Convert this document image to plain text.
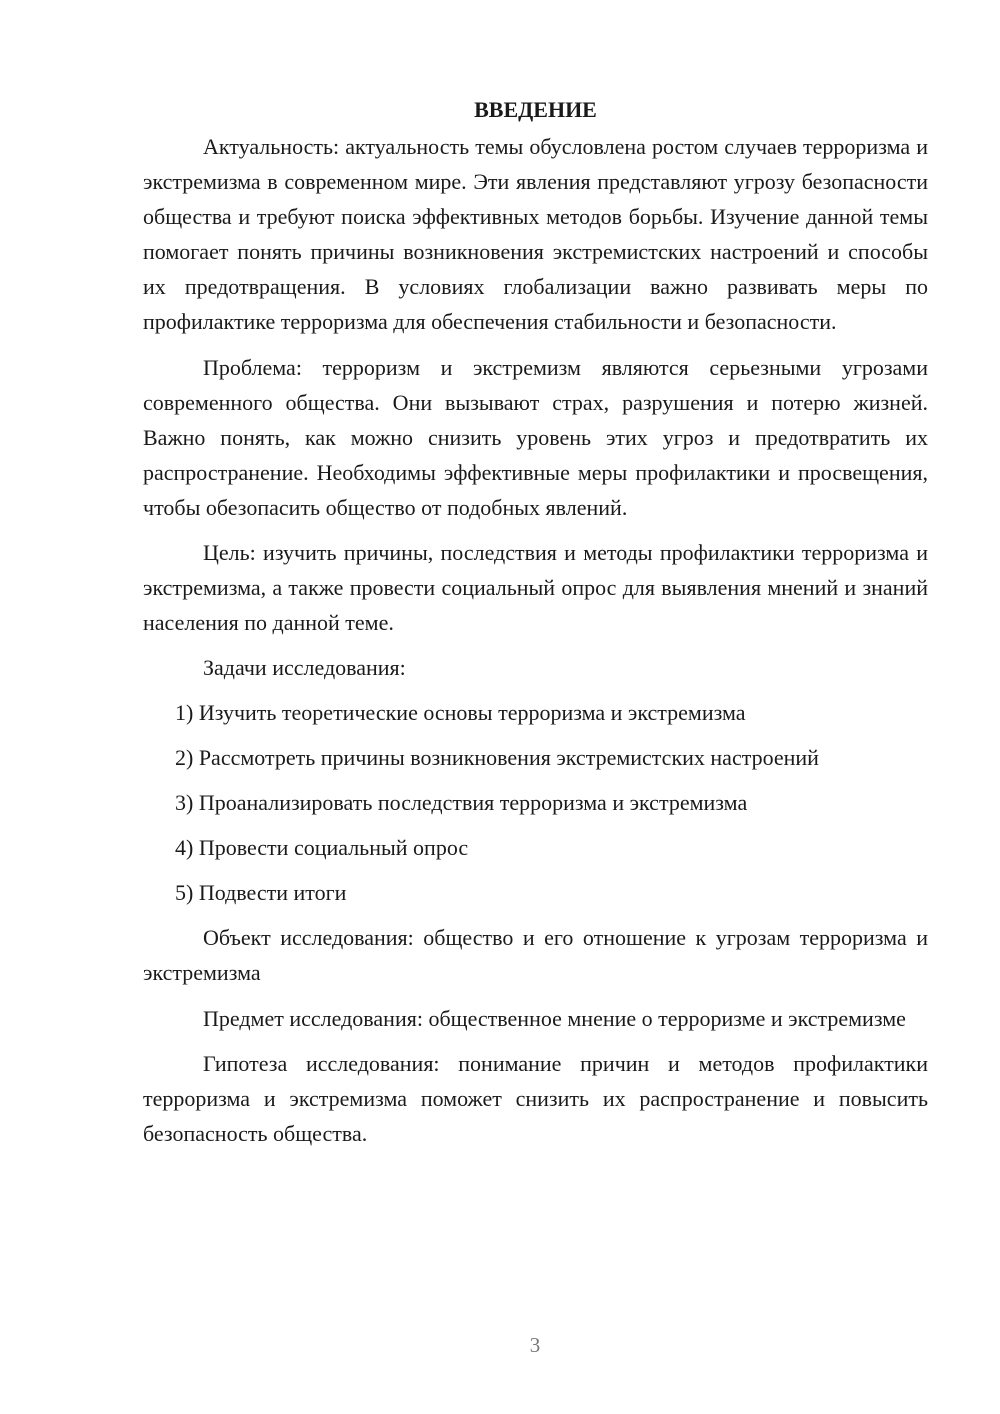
ВВЕДЕНИЕ

Актуальность: актуальность темы обусловлена ростом случаев терроризма и экстремизма в современном мире. Эти явления представляют угрозу безопасности общества и требуют поиска эффективных методов борьбы. Изучение данной темы помогает понять причины возникновения экстремистских настроений и способы их предотвращения. В условиях глобализации важно развивать меры по профилактике терроризма для обеспечения стабильности и безопасности.

Проблема: терроризм и экстремизм являются серьезными угрозами современного общества. Они вызывают страх, разрушения и потерю жизней. Важно понять, как можно снизить уровень этих угроз и предотвратить их распространение. Необходимы эффективные меры профилактики и просвещения, чтобы обезопасить общество от подобных явлений.

Цель: изучить причины, последствия и методы профилактики терроризма и экстремизма, а также провести социальный опрос для выявления мнений и знаний населения по данной теме.

Задачи исследования:

1) Изучить теоретические основы терроризма и экстремизма

2) Рассмотреть причины возникновения экстремистских настроений

3) Проанализировать последствия терроризма и экстремизма

4) Провести социальный опрос

5) Подвести итоги

Объект исследования: общество и его отношение к угрозам терроризма и экстремизма

Предмет исследования: общественное мнение о терроризме и экстремизме

Гипотеза исследования: понимание причин и методов профилактики терроризма и экстремизма поможет снизить их распространение и повысить безопасность общества.

3
